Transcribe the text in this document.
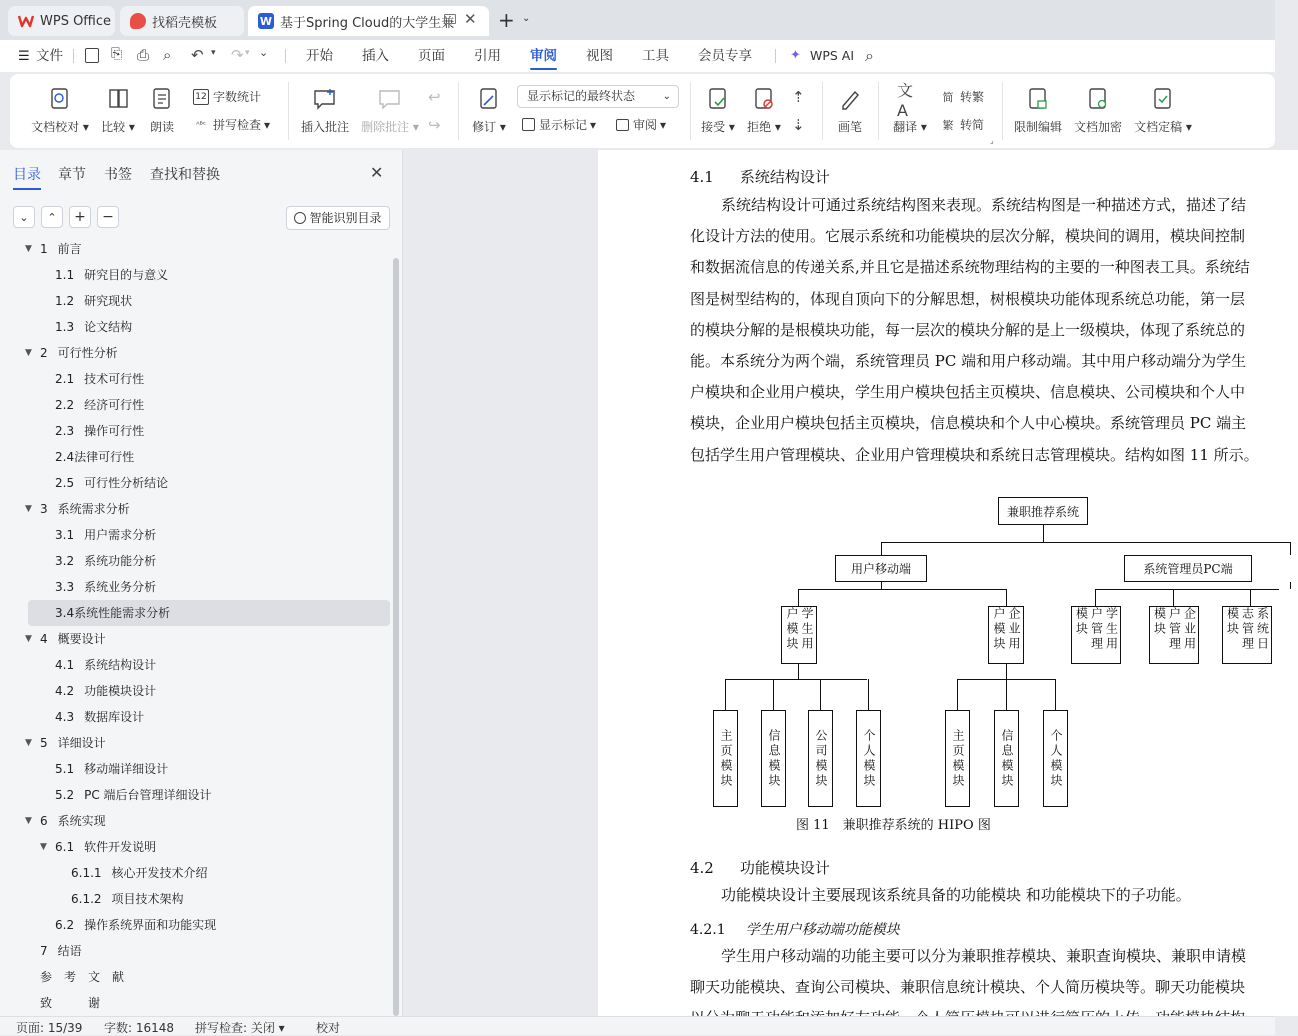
WPS Office	找稻壳模板	W 基于Spring Cloud的大学生兼 ✕ + ⌄
☰ 文件	⎘ ⎙ ⌕ ↶ ▾ ↷ ▾ ⌄	开始 插入 页面 引用 审阅 视图 工具 会员专享	✦ WPS AI ⌕
文档校对 ▾ 比较 ▾ 朗读
12 字数统计
ᴬᴮᶜ 拼写检查 ▾	插入批注 删除批注 ▾
↩
↪	修订 ▾
显示标记的最终状态	⌄
显示标记 ▾	审阅 ▾	接受 ▾ 拒绝 ▾
⇡
⇣	画笔
文A
翻译 ▾
简 转繁
繁 转简
⌟
限制编辑 文档加密 文档定稿 ▾
目录 章节 书签 查找和替换	✕
⌄ ⌃ + −	智能识别目录
▼ 1 前言
1.1 研究目的与意义
1.2 研究现状
1.3 论文结构
▼ 2 可行性分析
2.1 技术可行性
2.2 经济可行性
2.3 操作可行性
2.4法律可行性
2.5 可行性分析结论
▼ 3 系统需求分析
3.1 用户需求分析
3.2 系统功能分析
3.3 系统业务分析
3.4系统性能需求分析
▼ 4 概要设计
4.1 系统结构设计
4.2 功能模块设计
4.3 数据库设计
▼ 5 详细设计
5.1 移动端详细设计
5.2 PC 端后台管理详细设计
▼ 6 系统实现
▼ 6.1 软件开发说明
6.1.1 核心开发技术介绍
6.1.2 项目技术架构
6.2 操作系统界面和功能实现
7 结语
参　考　文　献
致　　　谢
4.1 系统结构设计
系统结构设计可通过系统结构图来表现。系统结构图是一种描述方式，描述了结
化设计方法的使用。它展示系统和功能模块的层次分解，模块间的调用，模块间控制
和数据流信息的传递关系,并且它是描述系统物理结构的主要的一种图表工具。系统结
图是树型结构的，体现自顶向下的分解思想，树根模块功能体现系统总功能，第一层
的模块分解的是根模块功能，每一层次的模块分解的是上一级模块，体现了系统总的
能。本系统分为两个端，系统管理员 PC 端和用户移动端。其中用户移动端分为学生
户模块和企业用户模块，学生用户模块包括主页模块、信息模块、公司模块和个人中
模块，企业用户模块包括主页模块，信息模块和个人中心模块。系统管理员 PC 端主
包括学生用户管理模块、企业用户管理模块和系统日志管理模块。结构如图 11 所示。
兼职推荐系统
用户移动端	系统管理员PC端
学生用户模块	企业用户模块	学生用户管理模块	企业用户管理模块	系统日志管理模块
主页模块	信息模块	公司模块	个人模块	主页模块	信息模块	个人模块
图 11　兼职推荐系统的 HIPO 图
4.2 功能模块设计
功能模块设计主要展现该系统具备的功能模块 和功能模块下的子功能。
4.2.1 学生用户移动端功能模块
学生用户移动端的功能主要可以分为兼职推荐模块、兼职查询模块、兼职申请模
聊天功能模块、查询公司模块、兼职信息统计模块、个人简历模块等。聊天功能模块
页面: 15/39 字数: 16148 拼写检查: 关闭 ▾	校对
